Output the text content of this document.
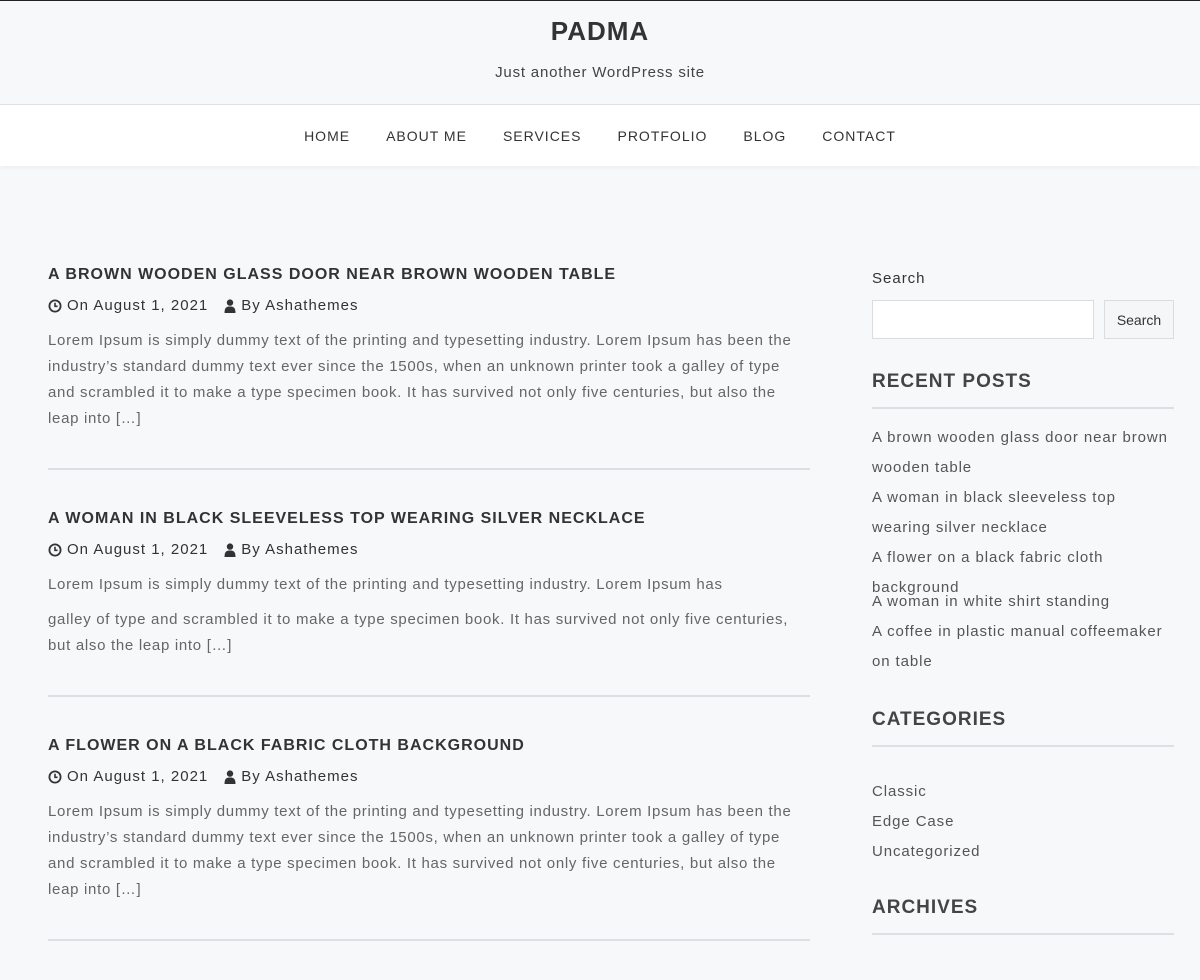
PADMA
Just another WordPress site
HOME	ABOUT ME	SERVICES	PROTFOLIO	BLOG	CONTACT
A BROWN WOODEN GLASS DOOR NEAR BROWN WOODEN TABLE
On August 1, 2021 By Ashathemes

Lorem Ipsum is simply dummy text of the printing and typesetting industry. Lorem Ipsum has been the industry’s standard dummy text ever since the 1500s, when an unknown printer took a galley of type and scrambled it to make a type specimen book. It has survived not only five centuries, but also the leap into […]

A WOMAN IN BLACK SLEEVELESS TOP WEARING SILVER NECKLACE
On August 1, 2021 By Ashathemes

Lorem Ipsum is simply dummy text of the printing and typesetting industry. Lorem Ipsum has
galley of type and scrambled it to make a type specimen book. It has survived not only five centuries, but also the leap into […]

A FLOWER ON A BLACK FABRIC CLOTH BACKGROUND
On August 1, 2021 By Ashathemes

Lorem Ipsum is simply dummy text of the printing and typesetting industry. Lorem Ipsum has been the industry’s standard dummy text ever since the 1500s, when an unknown printer took a galley of type and scrambled it to make a type specimen book. It has survived not only five centuries, but also the leap into […]

Search
Search
RECENT POSTS
A brown wooden glass door near brown wooden table
A woman in black sleeveless top wearing silver necklace
A flower on a black fabric cloth background
A woman in white shirt standing
A coffee in plastic manual coffeemaker on table
CATEGORIES
Classic
Edge Case
Uncategorized
ARCHIVES
